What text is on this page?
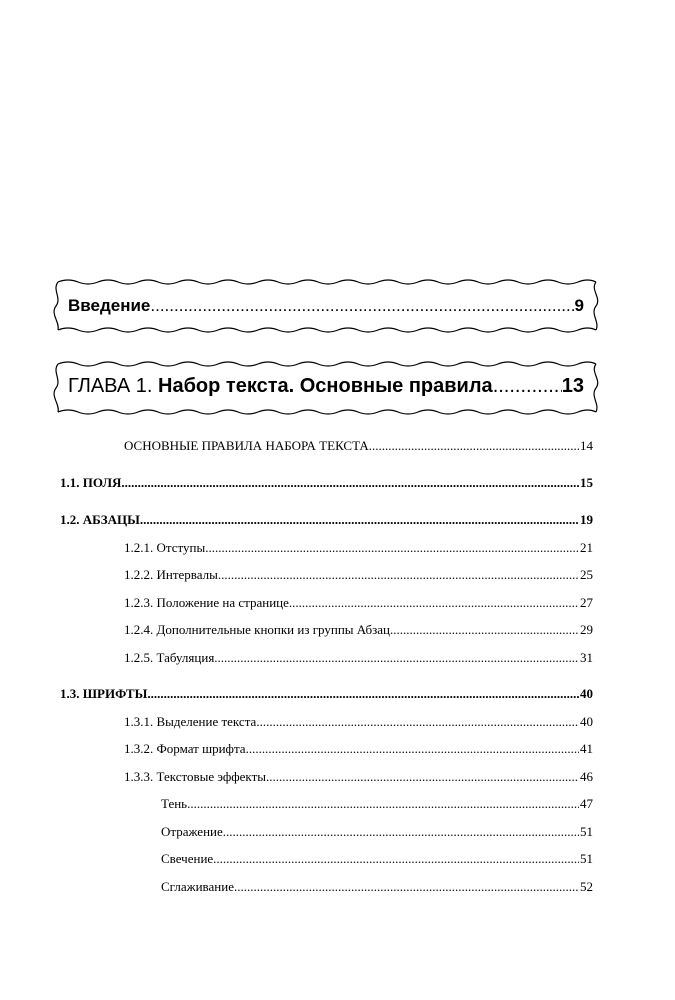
Введение .....	9
ГЛАВА 1.
Набор текста. Основные правила .....	13
ОСНОВНЫЕ ПРАВИЛА НАБОРА ТЕКСТА .....	14
1.1. ПОЛЯ .....	15
1.2. АБЗАЦЫ .....	19
1.2.1. Отступы .....	21
1.2.2. Интервалы .....	25
1.2.3. Положение на странице .....	27
1.2.4. Дополнительные кнопки из группы Абзац .....	29
1.2.5. Табуляция .....	31
1.3. ШРИФТЫ .....	40
1.3.1. Выделение текста .....	40
1.3.2. Формат шрифта .....	41
1.3.3. Текстовые эффекты .....	46
Тень .....	47
Отражение .....	51
Свечение .....	51
Сглаживание .....	52
